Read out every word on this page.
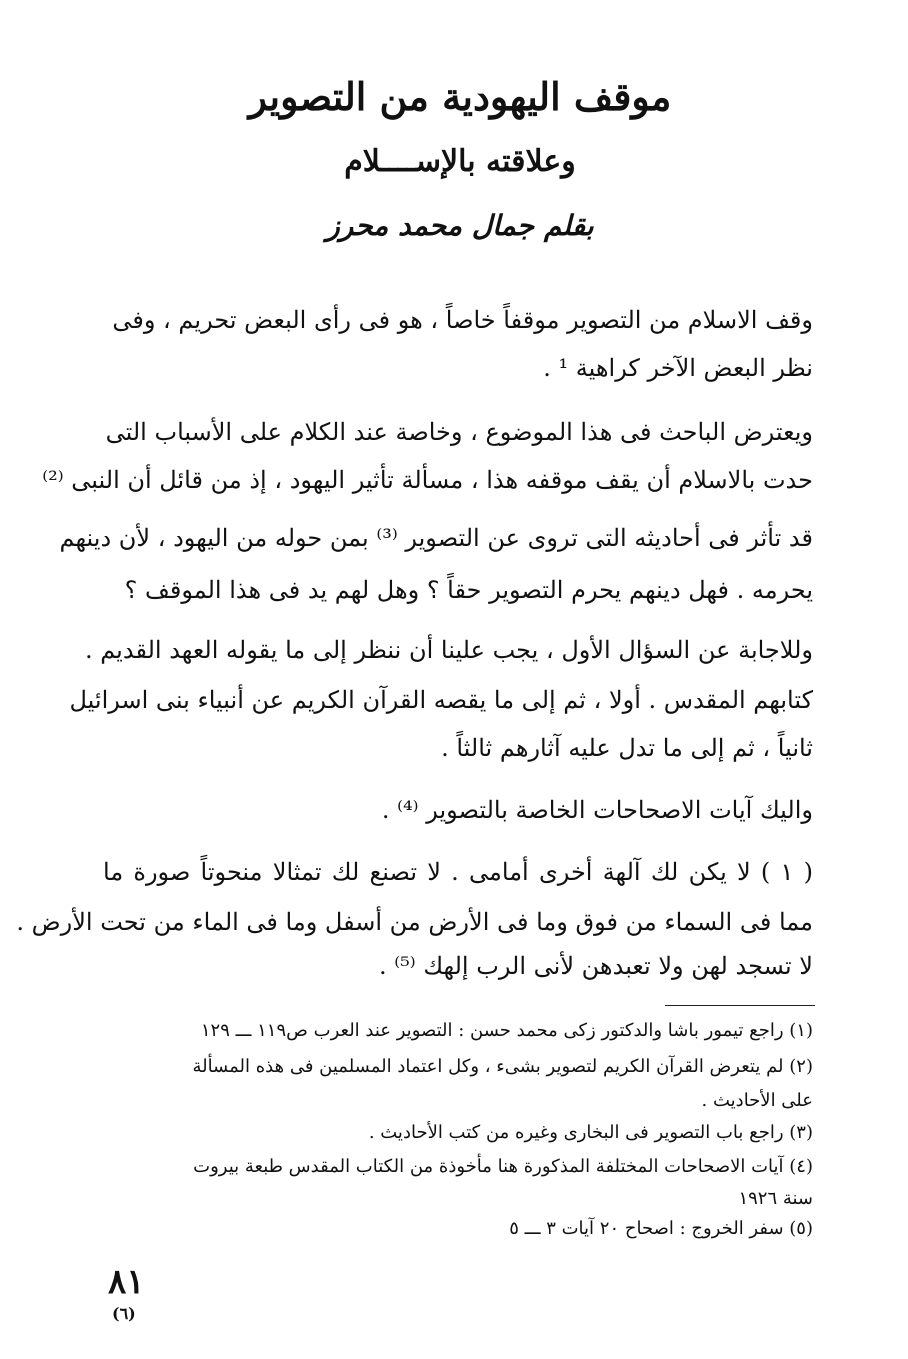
موقف اليهودية من التصوير
وعلاقته بالإســــلام
بقلم جمال محمد محرز
وقف الاسلام من التصوير موقفاً خاصاً ، هو فى رأى البعض تحريم ، وفى
نظر البعض الآخر كراهية ¹ .
ويعترض الباحث فى هذا الموضوع ، وخاصة عند الكلام على الأسباب التى
حدت بالاسلام أن يقف موقفه هذا ، مسألة تأثير اليهود ، إذ من قائل أن النبى ⁽²⁾
قد تأثر فى أحاديثه التى تروى عن التصوير ⁽³⁾ بمن حوله من اليهود ، لأن دينهم
يحرمه . فهل دينهم يحرم التصوير حقاً ؟ وهل لهم يد فى هذا الموقف ؟
وللاجابة عن السؤال الأول ، يجب علينا أن ننظر إلى ما يقوله العهد القديم .
كتابهم المقدس . أولا ، ثم إلى ما يقصه القرآن الكريم عن أنبياء بنى اسرائيل
ثانياً ، ثم إلى ما تدل عليه آثارهم ثالثاً .
واليك آيات الاصحاحات الخاصة بالتصوير ⁽⁴⁾ .
( ١ ) لا يكن لك آلهة أخرى أمامى . لا تصنع لك تمثالا منحوتاً صورة ما
مما فى السماء من فوق وما فى الأرض من أسفل وما فى الماء من تحت الأرض .
لا تسجد لهن ولا تعبدهن لأنى الرب إلهك ⁽⁵⁾ .
(١) راجع تيمور باشا والدكتور زكى محمد حسن : التصوير عند العرب ص١١٩ ـــ ١٢٩
(٢) لم يتعرض القرآن الكريم لتصوير بشىء ، وكل اعتماد المسلمين فى هذه المسألة
على الأحاديث .
(٣) راجع باب التصوير فى البخارى وغيره من كتب الأحاديث .
(٤) آيات الاصحاحات المختلفة المذكورة هنا مأخوذة من الكتاب المقدس طبعة بيروت
سنة ١٩٢٦
(٥) سفر الخروج : اصحاح ٢٠ آيات ٣ ـــ ٥
٨١
(٦)
